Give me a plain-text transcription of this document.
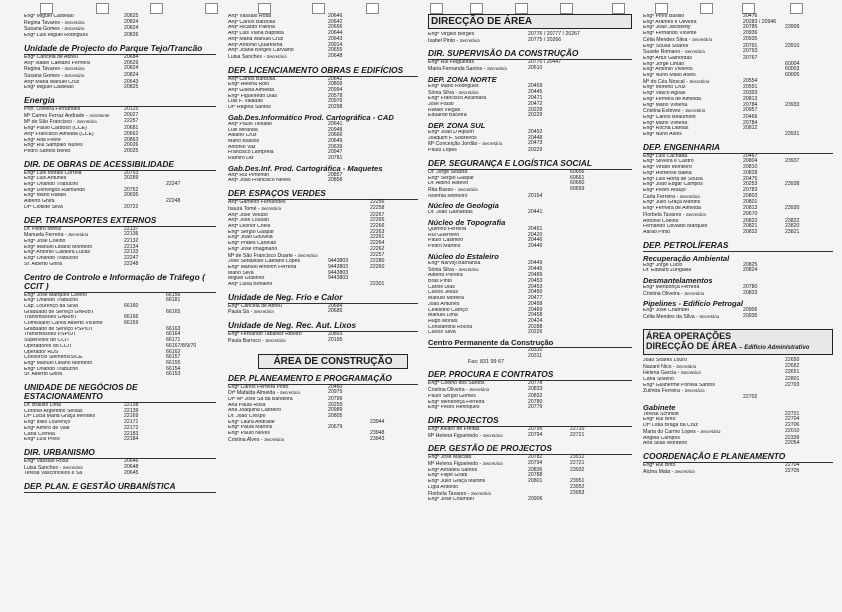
Engª Miguel Castelão	20825
Regina Tavares - Secretária	20824
Susana Gomes - Secretária	20824
Engª Luis Miguel Rodrigues	20826
Unidade de Projecto do Parque Tejo/Trancão
Engª Cancela de Abreu	20684
Arqº Isabel Caetano Ferreira	20629
Regina Tavares - Secretária	20824
Susana Gomes - Secretária	20824
Arqª Maria Manuel Cruz	20643
Engª Miguel Castelão	20825
Energia
Prof. Oliveira Fernandes	20125
Mª Carmo Ferraz Andrade - Assistente	20027
Mª de São Francisco - Secretária	22257
Engª Paulo Cardoso (CCE)	20681
Arqª Francisco Almeida (CCE)	20662
Engª Rita Freire	20863
Engª Rui Sampaio Nunes	20026
Pedro Santos Bento	20025
DIR. DE OBRAS DE ACESSIBILIDADE
Engª Luis Morais Correia	20753
Engª Luis Antunes	20289
Engª Orlando Trabucho	22247
Engª Domingos Raimundo	20752
Engª Mário Rafael	20695
Alberto Ghira	22248
Drª Clotilde Silva	20722
DEP. TRANSPORTES EXTERNOS
Dr. Pedro Moniz	22137
Manuela Ferreira - Secretária	22136
Engª José Coelho	22132
Engª Manuel Libano Monteiro	22134
Engª António Caldeira Lucas	22133
Engª Orlando Trabucho	22247
Sr. Alberto Ghira	22248
Centro de Controlo e Informação de Tráfego ( CCIT )
Engª José Marques Coelho	66156
Engª Orlando Trabucho	66181
Cap. Lourenço da Silva	66160
Graduado de Serviço GNR/BT	66165
Transmissões GNR/BT	66166
Comissário Carlos Alberto Vicente	66159
Graduado de Serviço PSP/DT	66163
Transmissões PSP/DT	66164
Supervisor do CCIT	66171
Operadores do CCIT	66167/8/9/70
Operador RDS	66162
Consorcio Siemens/SICE	66157
Engª Manuel Libano Monteiro	66155
Engª Orlando Trabucho	66154
Sr. Alberto Ghira	66153
UNIDADE DE NEGÓCIOS DE ESTACIONAMENTO
Dr. Braulio Lima	22138
Coronel Argentino Seixas	22139
Drª Lucia Maria Graça Mendes	22169
Engª Ibilio Lourenço	22171
Engª Almiro de Vale	22172
Carla Correia	22183
Engª Luís Pires	22184
DIR. URBANISMO
Engª Vassalo Rosa	20646
Luisa Sanches - Secretária	20648
Teresa Vasconcelos e Sá	20645
DEP. PLAN. E GESTÃO URBANÍSTICA
Arqª Vassalo Rosa	20646
Arqª Carlos Barbosa	20642
Arqª Ricardo Painha	20656
Arqª Luis Viana Baptista	20644
Arqª Maria Manuel Cruz	20643
Arqª António Quaresma	20914
Arqª Joana Borges Carvalho	20655
Luisa Sanches - Secretária	20648
DEP. LICENCIAMENTO OBRAS E EDIFÍCIOS
Arqª Carlos Barbosa	20642
Engª Helena Rolo	20809
Arqª Gisela Almeida	20994
Engª Figueiredo Dias	20578
Luis F. Valadas	20976
Drª Regina Santos	20298
Gab.Des.Informático Prod. Cartográfica - CAD
Arqª Paulo Tilinade	20641
Luis Miranda	20948
Albano Cruz	20666
Mário Basilos	20649
António Vaz	20639
Francisco Lampreia	20947
Ramiro Diz	20781
Gab.Des.Inf. Prod. Cartográfica - Maquetes
Arqª Rui Pimentel	20857
Arqª João Francisco Neves	20858
DEP. ESPAÇOS VERDES
Arqª Gameiro Fernandes	22256
Isaura Tomé - Secretária	22258
Arqª José Veludo	22267
Arqª José Lousan	22265
Arqª Leonor Cheis	22266
Engª Sérgio Gaspar	22263
Engª João Gouveia	22261
Engª Prates Canelas	22264
Engª José Imaginário	22262
Mª de São Francisco Duarte - Secretária	22257
José Sebastião Caetano Lopes	9443803	22280
Engª Manuel Amorim Ferreira	9443803	22260
Mário Silva	9443803
Miguel Godinho	9443803
Arqª Luisa Bonalho	22301
Unidade de Neg. Frio e Calor
Engª Cancela de Abreu	20684
Paula Sá - Secretária	20685
Unidade de Neg. Rec. Aut. Lixos
Engª Fernando Tabanez Ribeiro	20893
Paula Barroco - Secretária	20195
ÁREA DE CONSTRUÇÃO
DEP. PLANEAMENTO E PROGRAMAÇÃO
Engª Carlos Ferreira Pinto	20460
Drª Mafalda Almeida - Secretária	20975
Drª Mª José Sá da Bandeira	20799
Ana Paula Rosa	20255
Ana Joaquina Cabreiro	20989
Dr. João Crespo	20805
Engª Laura Andrade	23944
Engª Paula Martins	20679
Engª Paulo Neves	23948
Cristina Alves - Secretária	23943
DIRECÇÃO DE ÁREA
Engª Virgílio Borges	20776 / 20777 / 20267
Isabel Pinto - Secretária	20775 / 20266
DIR. SUPERVISÃO DA CONSTRUÇÃO
Engª Rui Felgueiras	20770 / 20447
Maria Fernanda Santos - Secretária	20610
DEP. ZONA NORTE
Engª Mário Rodrigues	20459
Sónia Silva - Secretária	20445
Engª Francisco Alcântara	20471
José Paulo	20472
Rafael Viegas	20228
Eduardo Baceira	20229
DEP. ZONA SUL
Engª João D'Alpuim	20452
Joaquim F. Sobreiros	20448
Mª Conceição Jordão - Secretária	20473
Paulo Lopes	20229
DEP. SEGURANÇA E LOGÍSTICA SOCIAL
Dr. Jorge Seabra	60656
Engª Sérgio Gaspar	60661
Dr. Albino Ribeiro	60660
Rita Basso - Secretária	60659
Noémia Monteiro	20154
Núcleo de Geologia
Dr. João Galhardas	20441
Núcleo de Topografia
Querino Ferreira	20451
Rui Guerreiro	20420
Paulo Casimiro	20446
Pedro Martins	20446
Núcleo do Estaleiro
Engª Narvoji Barnansá	20449
Sónia Silva - Secretária	20445
Alberto Pereira	20489
Brás Pinto	20453
Carlos Dias	20453
Carlos Jesus	20450
Manuel Moreira	20477
João Antunes	20458
Celestino Carriço	20469
Manuel Lima	20458
Hugo Morais	20424
Constantino Rocha	20288
Carlos Silva	20226
Centro Permanente da Construção
20310
20311
Fax: 831 99 67
DEP. PROCURA E CONTRATOS
Engª Coelho dos Santos	20778
Cristina Oliveira - Secretária	20833
Paulo Sérgio Gomes	20832
Engª Mendonça Ferreira	20780
Engª Pedro Henriques	20779
DIR. PROJECTOS
Engª Alvaro de Freitas	20795	22720
Mª Helena Figueiredo - Secretária	20794	22721
DEP. GESTÃO DE PROJECTOS
Engª José Malcata	20782	23912
Mª Helena Figueiredo - Secretária	20794	22721
Engª Amadeu Santos	20836	23932
Engª Filipe Gradi	20788
Engª Júlio Graça Martins	20801	23951
Lígia Antonio	23952
Florbela Tavares - Secretária	23953
Engª José Chambel	20906
Engª Pires Basilio	20476
Engª Arantes e Oliveira	20283 / 20946
Engª João Jacobetty	20785	23909
Engª Fernando Vicente	20936
Célia Mendes Silva - Secretária	20935
Engª Sousa Soares	20791	23910
Susete Romano - Secretária	20793
Engª Artur Galhordas	20767
Engª Jorge Limão	60004
Engª Antonio Viveiros	60003
Engª Nuno Milão Alves	60005
Mª do Céu Noscal - Secretária	20554
Engª Moreno Cruz	20591
Engª Vasco Agoas	20393
Engª Ferreira de Almeida	20813
Engª Mário Vilhena	20784	23933
Cristina Esteves - Secretária	20957
Engª Carlos Beaumont	20466
Engª Mário Vilhena	20784
Engª Rocha Dantas	20812
Engª Nuno Alves	23931
DEP. ENGENHARIA
Engª Luis Cachada	20467
Engª Silveira e Castro	20804	23937
Engª Viriato Monteiro	20810
Engª Hortense Baêta	20828
Engª Luis Horta de Sousa	20475
Engª João Edgar Campos	20253	23938
Engª Pedro Araújo	20783
Carla Ferreira - Secretária	20803
Engª Júlio Graça Martins	20801
Engª Ferreira de Almeida	20813	23930
Florbela Tavares - Secretária	20670
Antonio Coelho	20822	23822
Fernando Osvaldo Marques	20821	23820
Aarão Pinto	20822	23821
DEP. PETROLÍFERAS
Recuperação Ambiental
Engª Jorge Lúcio	20825
Dr. Edward Zungailia	20824
Desmantelamentos
Engª Mendonça Ferreira	20780
Cristina Oliveira - Secretária	20833
Pipelines - Edifício Petrogal
Engª José Chambel	20906
Célia Mendes da Silva - Secretária	20935
ÁREA OPERAÇÕES
DIRECÇÃO DE ÁREA – Edifício Administrativo
João Soares Louro	22650
Nazaré Nico - Secretária	22652
Helena Garcia - Secretária	22651
Carla Silvério	22801
Engª Guilherme Portela Santos	22703
Zulmira Ferreira - Secretária
22702
Gabinete
Teresa Schmidt	22701
Engª Rui Brito	22704
Drª Lídia Braga da Cruz	22706
Maria do Carmo Lopes - Secretária	22010
Angela Campos	22339
Ana Sitau Monteiro	22054
COORDENAÇÃO E PLANEAMENTO
Engª Rui Brito	22704
Alcina Mata - Secretária	22705
